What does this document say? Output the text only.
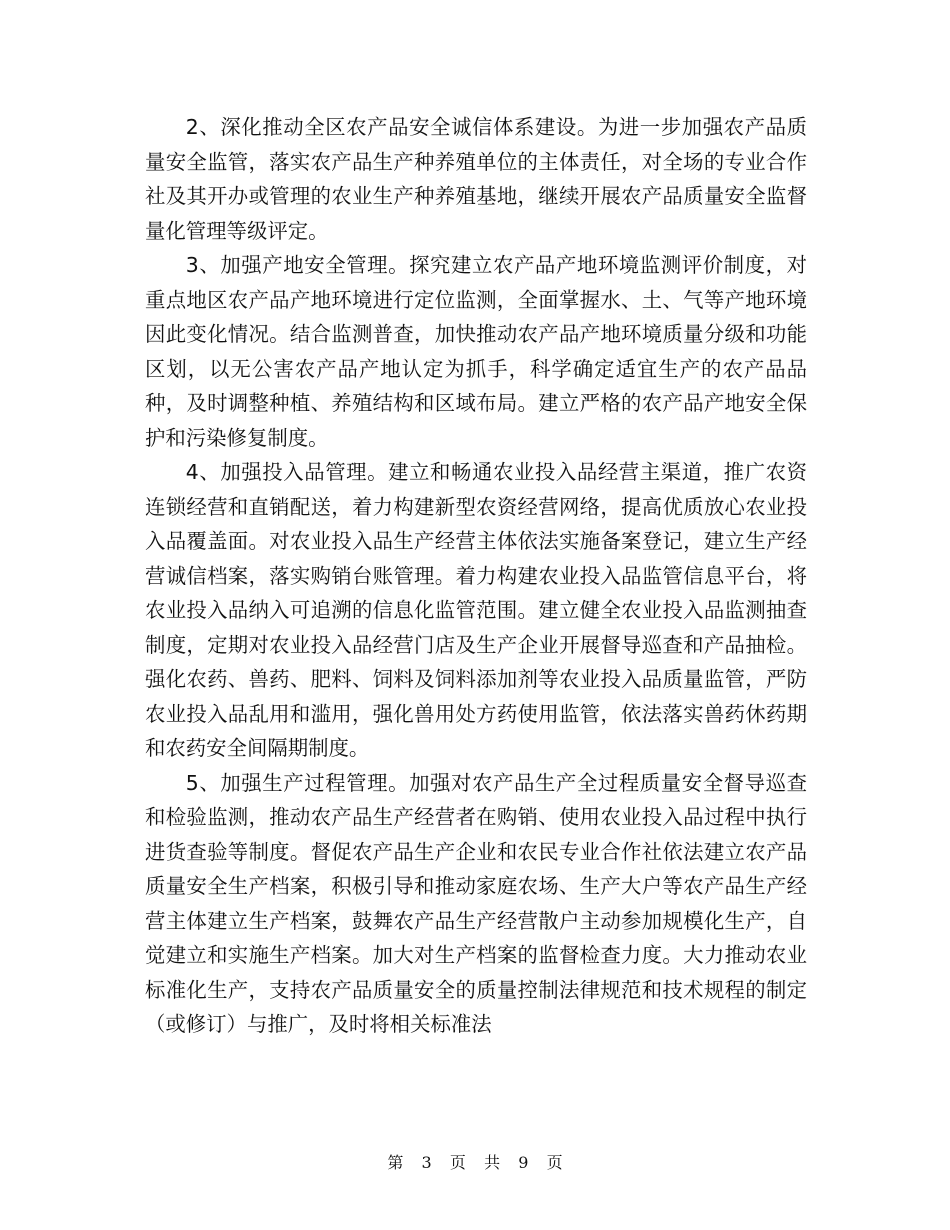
2、深化推动全区农产品安全诚信体系建设。为进一步加强农产品质量安全监管，落实农产品生产种养殖单位的主体责任，对全场的专业合作社及其开办或管理的农业生产种养殖基地，继续开展农产品质量安全监督量化管理等级评定。

3、加强产地安全管理。探究建立农产品产地环境监测评价制度，对重点地区农产品产地环境进行定位监测，全面掌握水、土、气等产地环境因此变化情况。结合监测普查，加快推动农产品产地环境质量分级和功能区划，以无公害农产品产地认定为抓手，科学确定适宜生产的农产品品种，及时调整种植、养殖结构和区域布局。建立严格的农产品产地安全保护和污染修复制度。

4、加强投入品管理。建立和畅通农业投入品经营主渠道，推广农资连锁经营和直销配送，着力构建新型农资经营网络，提高优质放心农业投入品覆盖面。对农业投入品生产经营主体依法实施备案登记，建立生产经营诚信档案，落实购销台账管理。着力构建农业投入品监管信息平台，将农业投入品纳入可追溯的信息化监管范围。建立健全农业投入品监测抽查制度，定期对农业投入品经营门店及生产企业开展督导巡查和产品抽检。强化农药、兽药、肥料、饲料及饲料添加剂等农业投入品质量监管，严防农业投入品乱用和滥用，强化兽用处方药使用监管，依法落实兽药休药期和农药安全间隔期制度。

5、加强生产过程管理。加强对农产品生产全过程质量安全督导巡查和检验监测，推动农产品生产经营者在购销、使用农业投入品过程中执行进货查验等制度。督促农产品生产企业和农民专业合作社依法建立农产品质量安全生产档案，积极引导和推动家庭农场、生产大户等农产品生产经营主体建立生产档案，鼓舞农产品生产经营散户主动参加规模化生产，自觉建立和实施生产档案。加大对生产档案的监督检查力度。大力推动农业标准化生产，支持农产品质量安全的质量控制法律规范和技术规程的制定（或修订）与推广，及时将相关标准法

第 3 页 共 9 页
